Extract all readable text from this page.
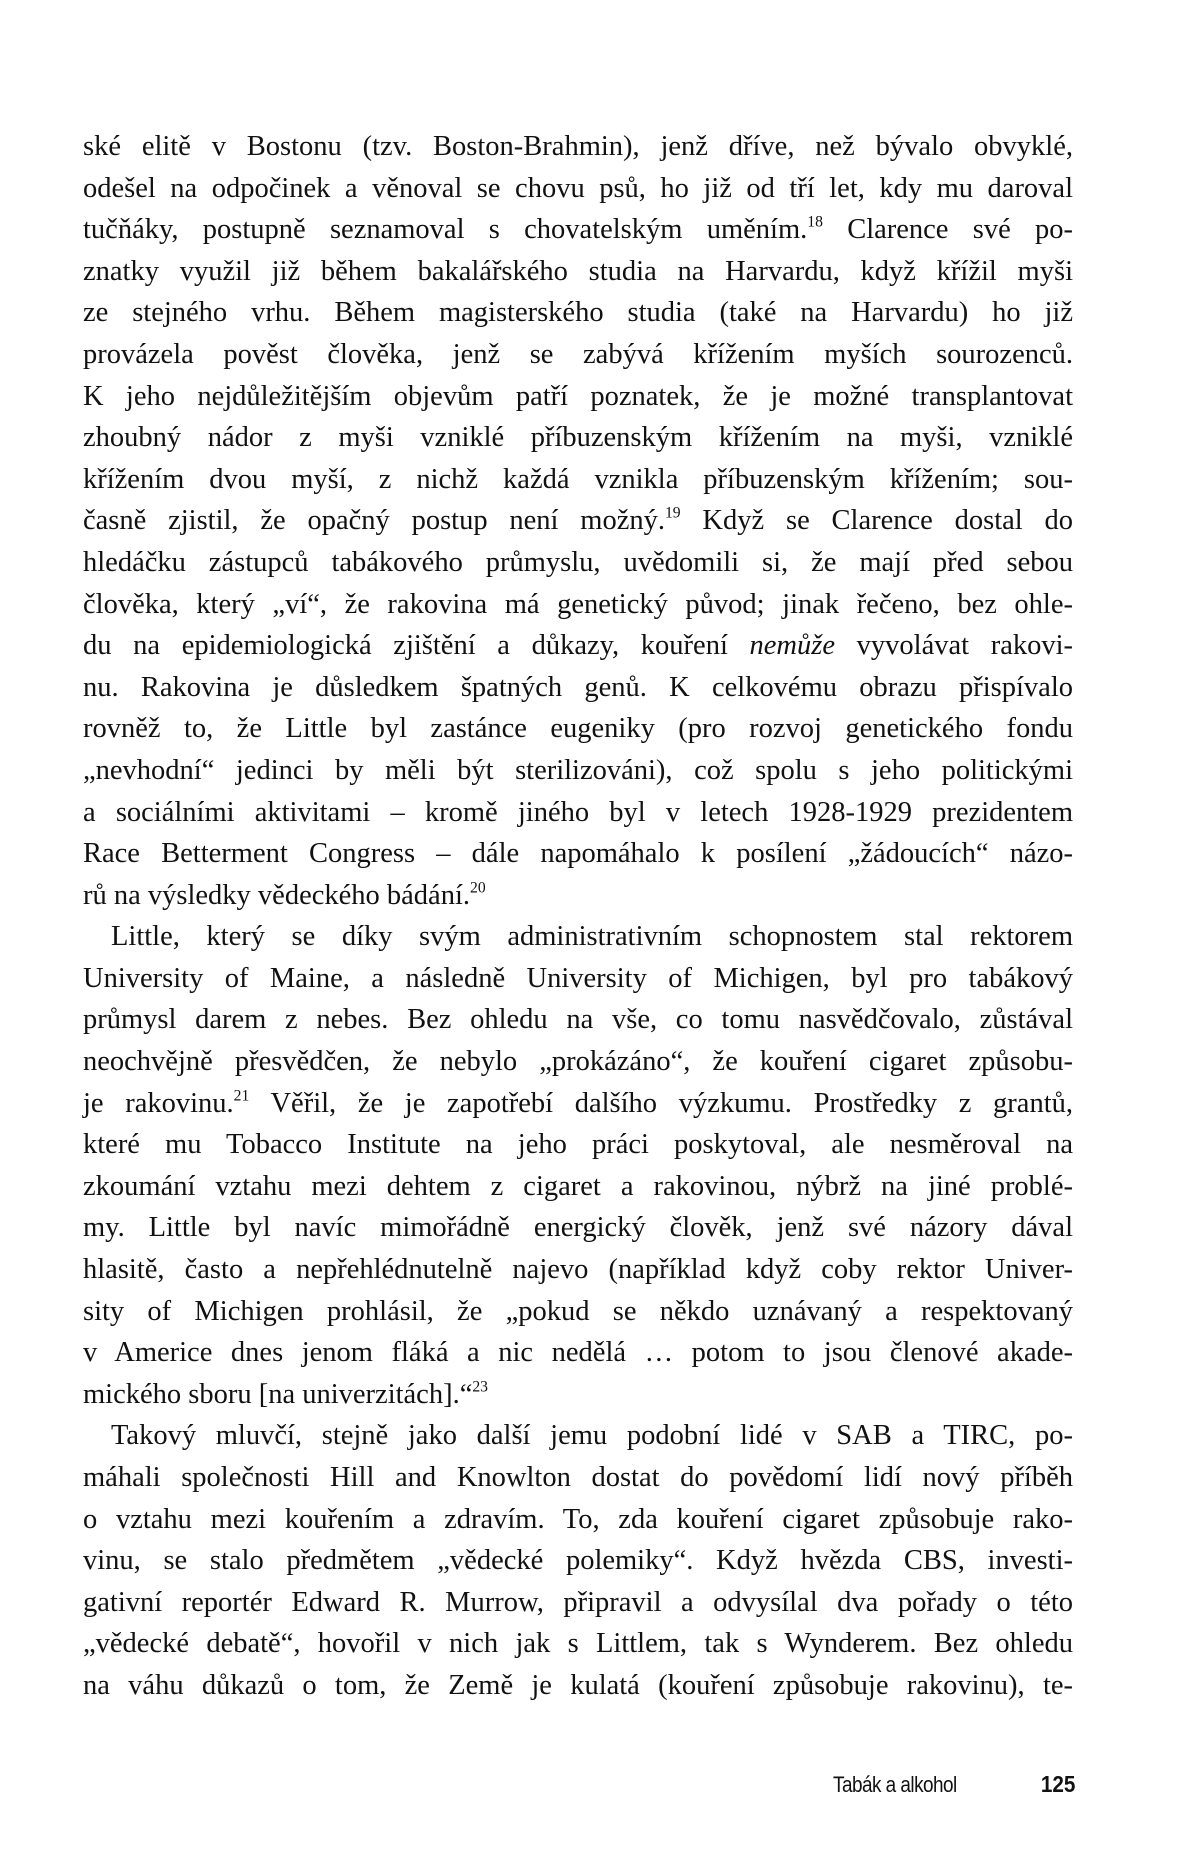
ské elitě v Bostonu (tzv. Boston-Brahmin), jenž dříve, než bývalo obvyklé,
odešel na odpočinek a věnoval se chovu psů, ho již od tří let, kdy mu daroval
tučňáky, postupně seznamoval s chovatelským uměním.$^{18}$ Clarence své po-
znatky využil již během bakalářského studia na Harvardu, když křížil myši
ze stejného vrhu. Během magisterského studia (také na Harvardu) ho již
provázela pověst člověka, jenž se zabývá křížením myších sourozenců.
K jeho nejdůležitějším objevům patří poznatek, že je možné transplantovat
zhoubný nádor z myši vzniklé příbuzenským křížením na myši, vzniklé
křížením dvou myší, z nichž každá vznikla příbuzenským křížením; sou-
časně zjistil, že opačný postup není možný.$^{19}$ Když se Clarence dostal do
hledáčku zástupců tabákového průmyslu, uvědomili si, že mají před sebou
člověka, který „ví“, že rakovina má genetický původ; jinak řečeno, bez ohle-
du na epidemiologická zjištění a důkazy, kouření nemůže vyvolávat rakovi-
nu. Rakovina je důsledkem špatných genů. K celkovému obrazu přispívalo
rovněž to, že Little byl zastánce eugeniky (pro rozvoj genetického fondu
„nevhodní“ jedinci by měli být sterilizováni), což spolu s jeho politickými
a sociálními aktivitami – kromě jiného byl v letech 1928-1929 prezidentem
Race Betterment Congress – dále napomáhalo k posílení „žádoucích“ názo-
rů na výsledky vědeckého bádání.$^{20}$
Little, který se díky svým administrativním schopnostem stal rektorem
University of Maine, a následně University of Michigen, byl pro tabákový
průmysl darem z nebes. Bez ohledu na vše, co tomu nasvědčovalo, zůstával
neochvějně přesvědčen, že nebylo „prokázáno“, že kouření cigaret způsobu-
je rakovinu.$^{21}$ Věřil, že je zapotřebí dalšího výzkumu. Prostředky z grantů,
které mu Tobacco Institute na jeho práci poskytoval, ale nesměroval na
zkoumání vztahu mezi dehtem z cigaret a rakovinou, nýbrž na jiné problé-
my. Little byl navíc mimořádně energický člověk, jenž své názory dával
hlasitě, často a nepřehlédnutelně najevo (například když coby rektor Univer-
sity of Michigen prohlásil, že „pokud se někdo uznávaný a respektovaný
v Americe dnes jenom fláká a nic nedělá … potom to jsou členové akade-
mického sboru [na univerzitách].“$^{23}$
Takový mluvčí, stejně jako další jemu podobní lidé v SAB a TIRC, po-
máhali společnosti Hill and Knowlton dostat do povědomí lidí nový příběh
o vztahu mezi kouřením a zdravím. To, zda kouření cigaret způsobuje rako-
vinu, se stalo předmětem „vědecké polemiky“. Když hvězda CBS, investi-
gativní reportér Edward R. Murrow, připravil a odvysílal dva pořady o této
„vědecké debatě“, hovořil v nich jak s Littlem, tak s Wynderem. Bez ohledu
na váhu důkazů o tom, že Země je kulatá (kouření způsobuje rakovinu), te-
Tabák a alkohol	125
